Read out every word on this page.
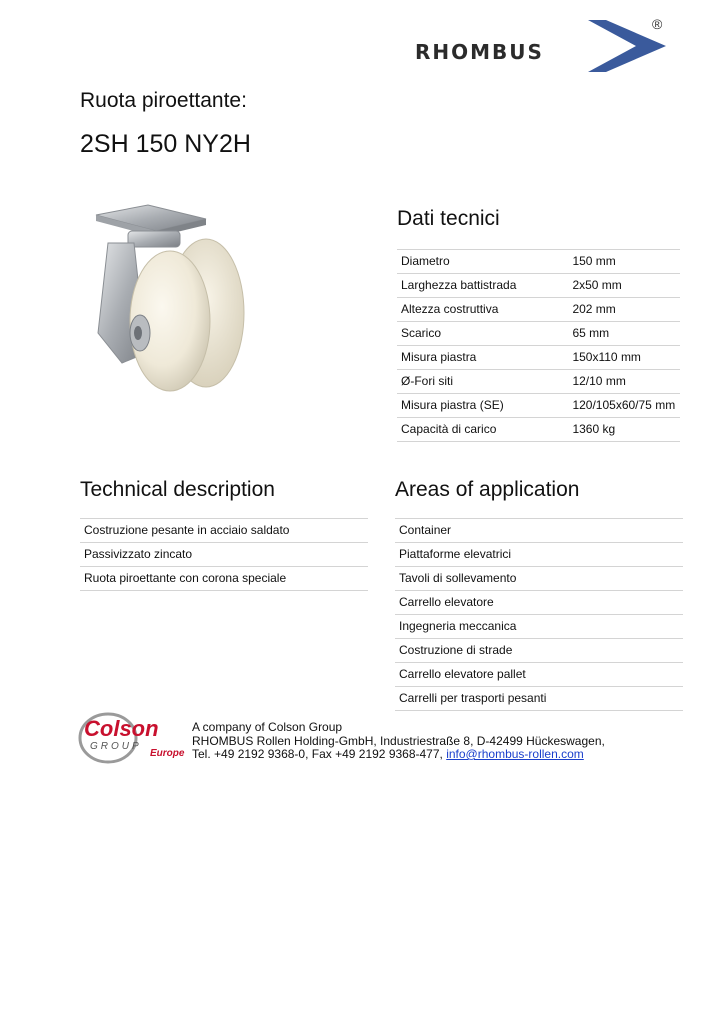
RHOMBUS
®
Ruota piroettante:
2SH 150 NY2H
Dati tecnici
Diametro	150 mm
Larghezza battistrada	2x50 mm
Altezza costruttiva	202 mm
Scarico	65 mm
Misura piastra	150x110 mm
Ø-Fori siti	12/10 mm
Misura piastra (SE)	120/105x60/75 mm
Capacità di carico	1360 kg
Technical description
Costruzione pesante in acciaio saldato
Passivizzato zincato
Ruota piroettante con corona speciale
Areas of application
Container
Piattaforme elevatrici
Tavoli di sollevamento
Carrello elevatore
Ingegneria meccanica
Costruzione di strade
Carrello elevatore pallet
Carrelli per trasporti pesanti
Colson
GROUP
Europe
A company of Colson Group
RHOMBUS Rollen Holding-GmbH, Industriestraße 8, D-42499 Hückeswagen,
Tel. +49 2192 9368-0, Fax +49 2192 9368-477, info@rhombus-rollen.com
